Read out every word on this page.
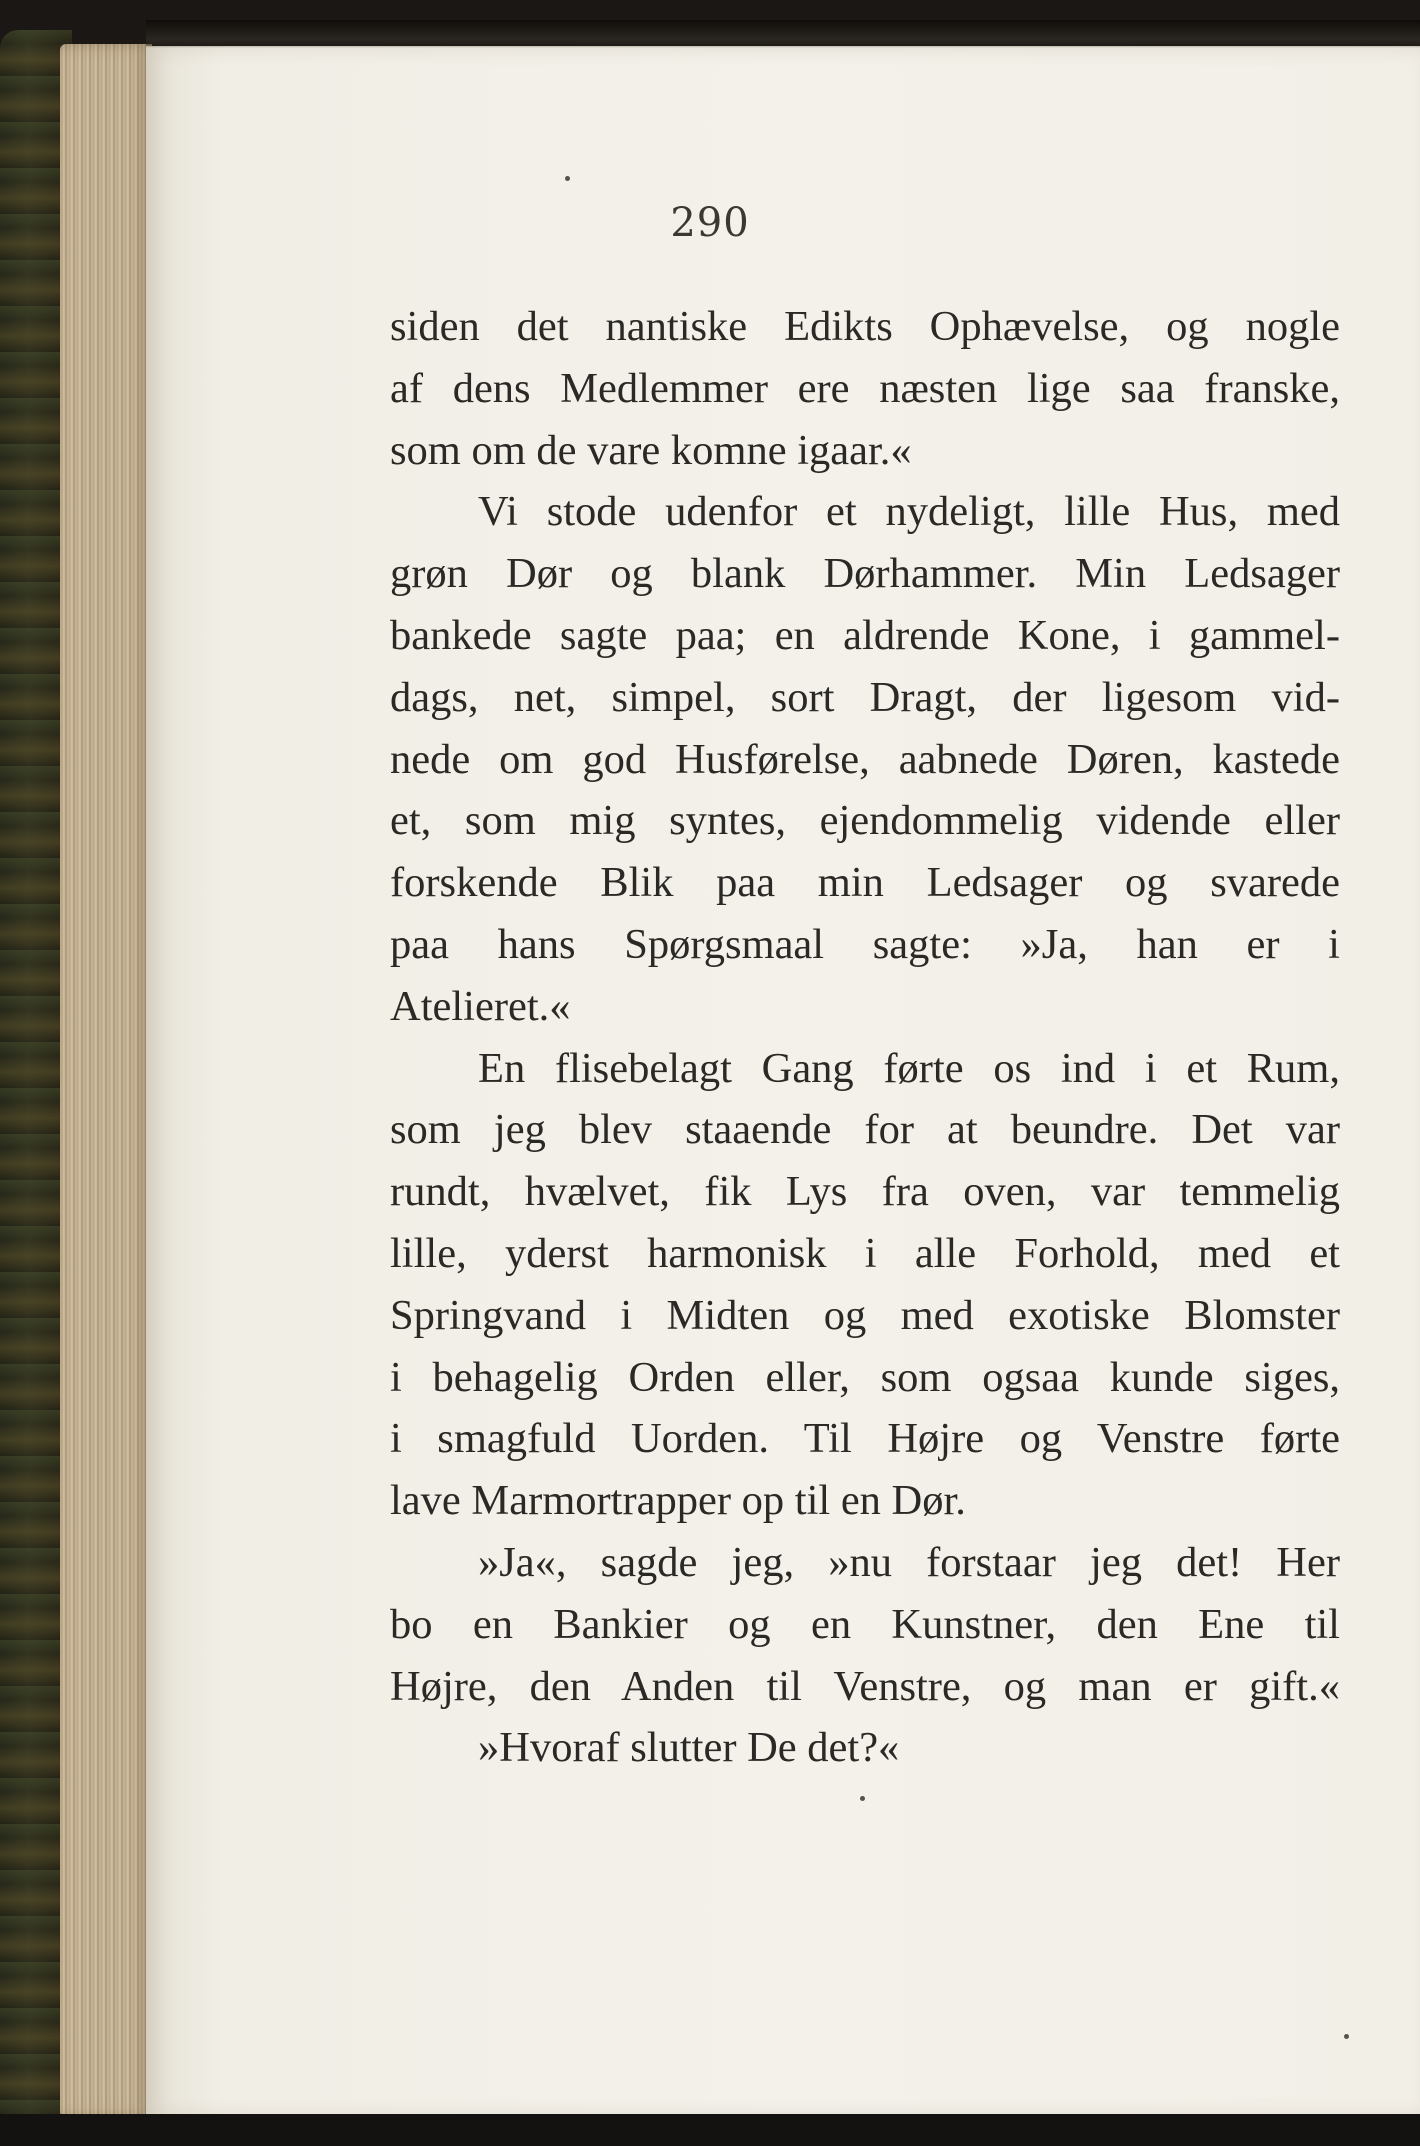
290
siden det nantiske Edikts Ophævelse, og nogle
af dens Medlemmer ere næsten lige saa franske,
som om de vare komne igaar.«
Vi stode udenfor et nydeligt, lille Hus, med
grøn Dør og blank Dørhammer. Min Ledsager
bankede sagte paa; en aldrende Kone, i gammel-
dags, net, simpel, sort Dragt, der ligesom vid-
nede om god Husførelse, aabnede Døren, kastede
et, som mig syntes, ejendommelig vidende eller
forskende Blik paa min Ledsager og svarede
paa hans Spørgsmaal sagte: »Ja, han er i
Atelieret.«
En flisebelagt Gang førte os ind i et Rum,
som jeg blev staaende for at beundre. Det var
rundt, hvælvet, fik Lys fra oven, var temmelig
lille, yderst harmonisk i alle Forhold, med et
Springvand i Midten og med exotiske Blomster
i behagelig Orden eller, som ogsaa kunde siges,
i smagfuld Uorden. Til Højre og Venstre førte
lave Marmortrapper op til en Dør.
»Ja«, sagde jeg, »nu forstaar jeg det! Her
bo en Bankier og en Kunstner, den Ene til
Højre, den Anden til Venstre, og man er gift.«
»Hvoraf slutter De det?«
